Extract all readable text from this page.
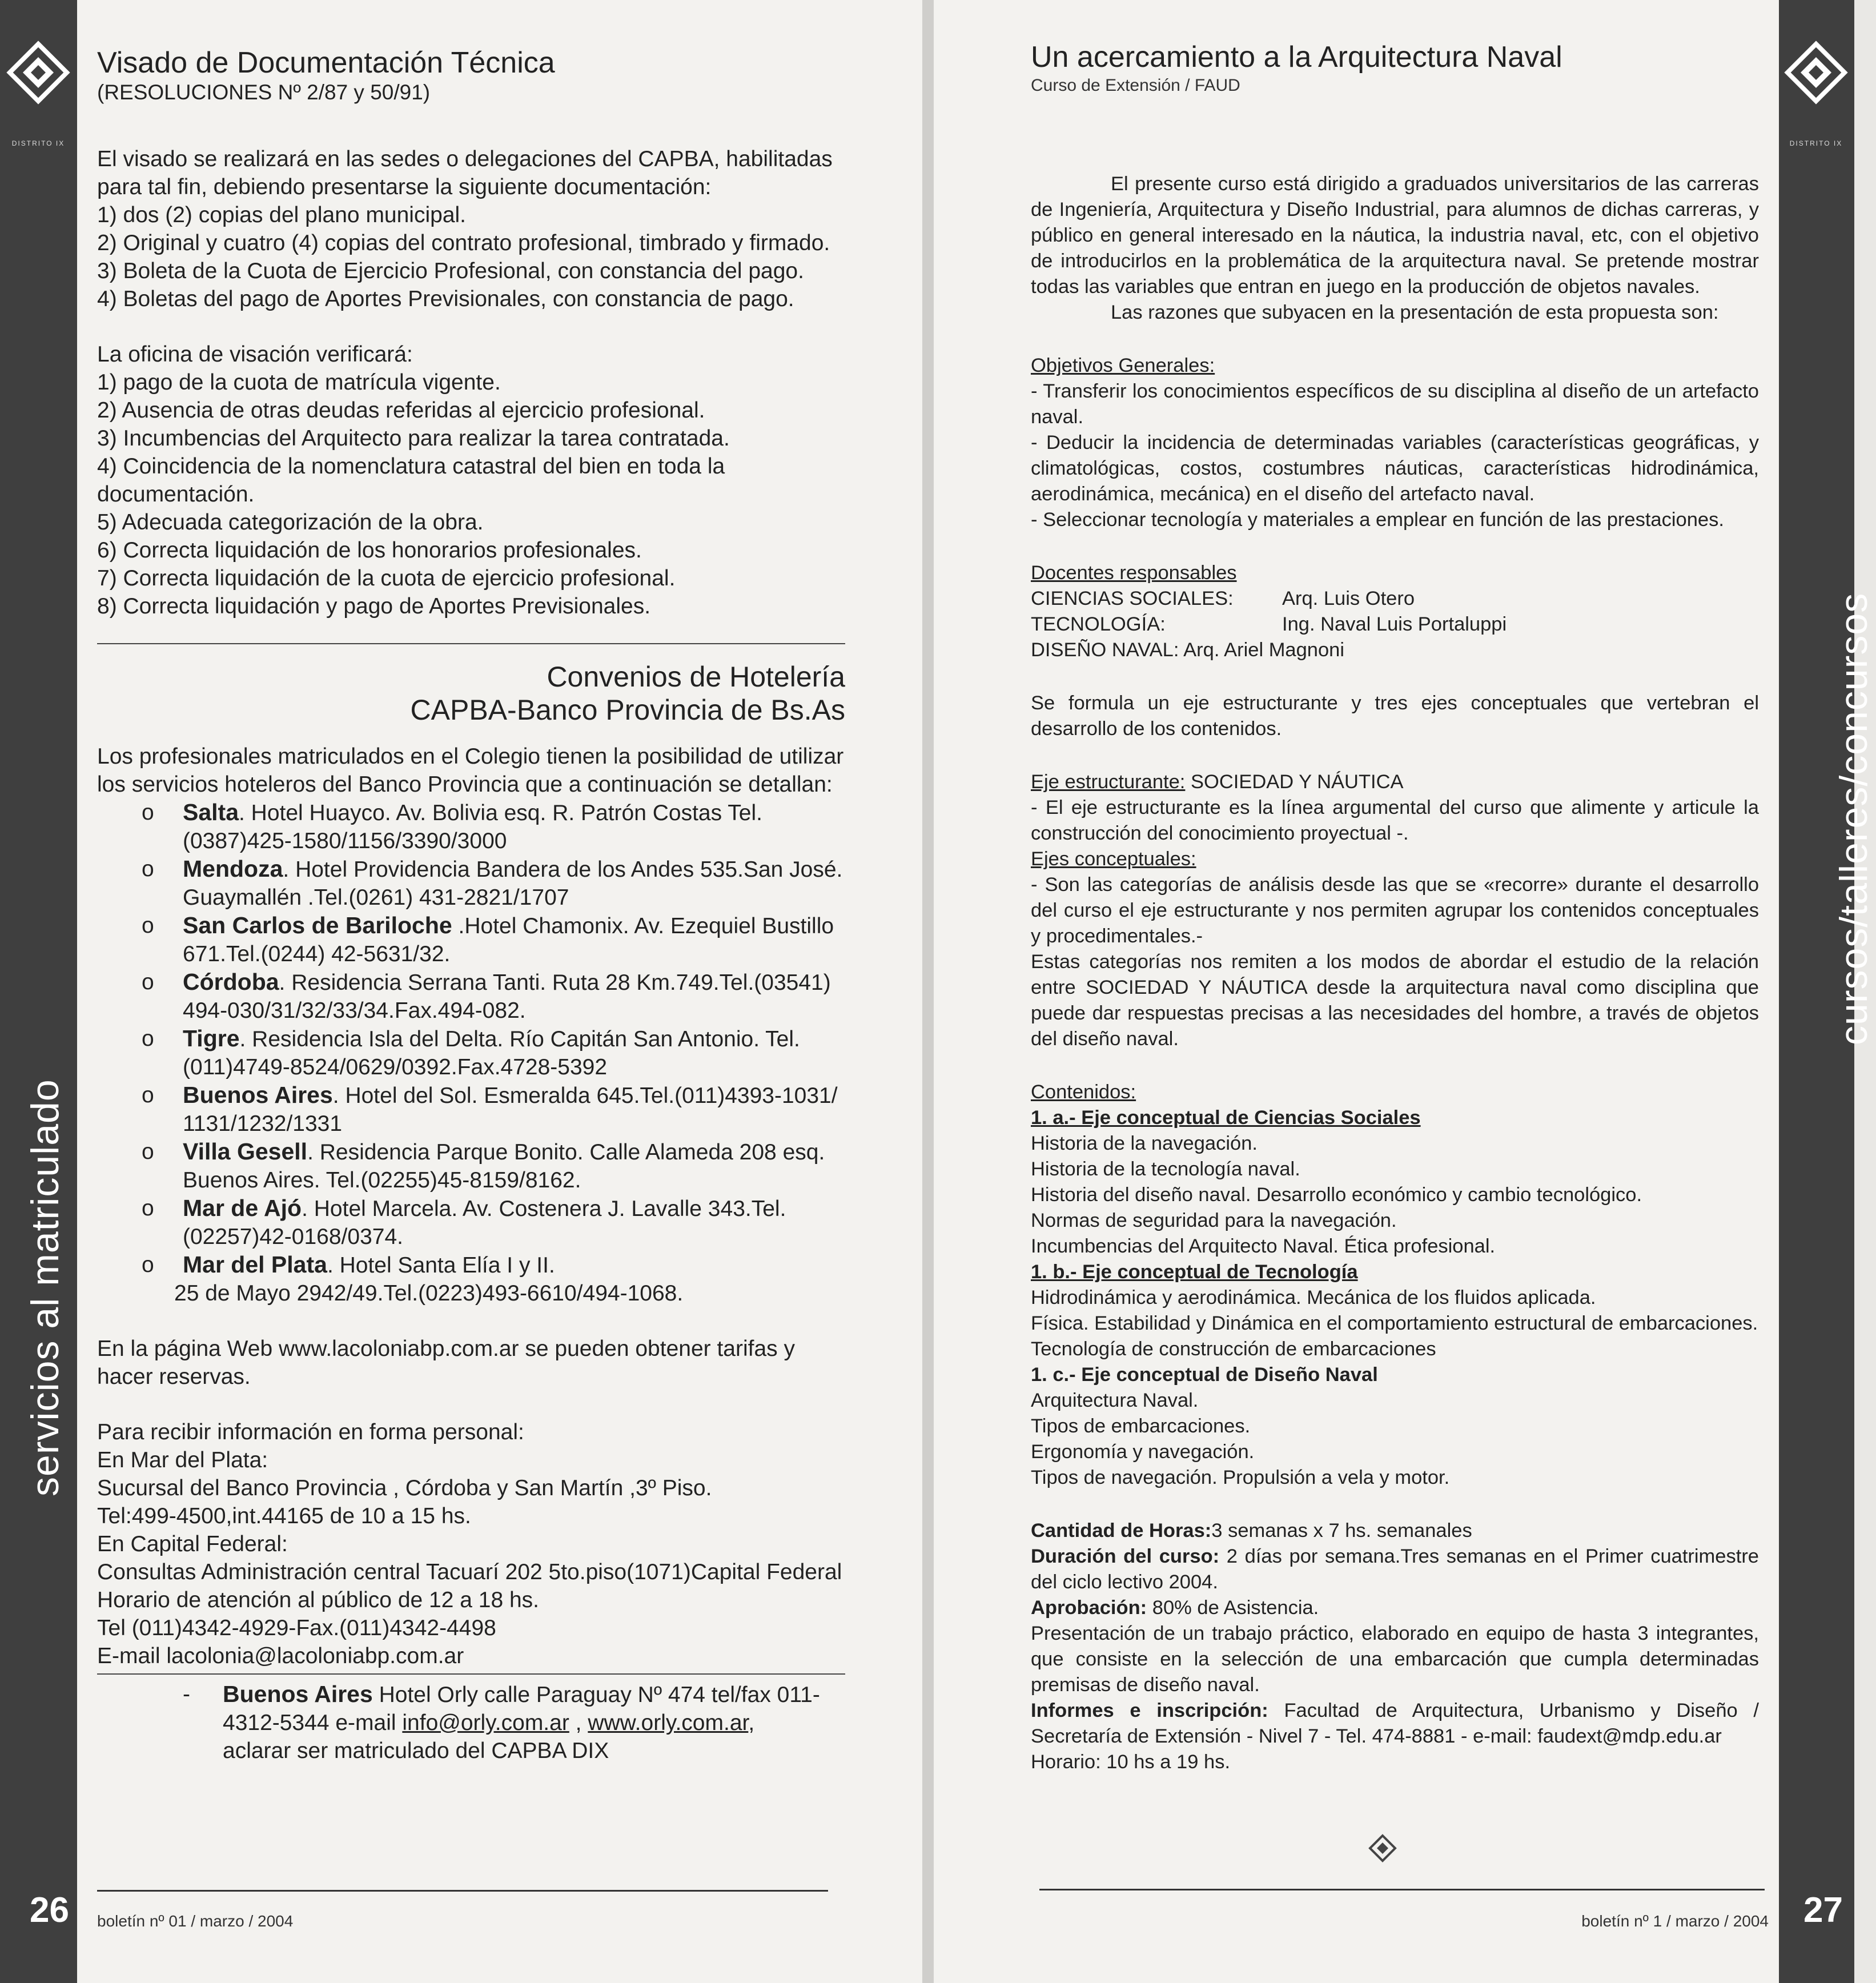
DISTRITO IX
servicios al matriculado
26
Visado de Documentación Técnica
(RESOLUCIONES Nº 2/87 y 50/91)

El visado se realizará en las sedes o delegaciones del CAPBA, habilitadas para tal fin, debiendo presentarse la siguiente documentación:

1) dos (2) copias del plano municipal.

2) Original y cuatro (4) copias del contrato profesional, timbrado y firmado.

3) Boleta de la Cuota de Ejercicio Profesional, con constancia del pago.

4) Boletas del pago de Aportes Previsionales, con constancia de pago.

La oficina de visación verificará:

1) pago de la cuota de matrícula vigente.

2) Ausencia de otras deudas referidas al ejercicio profesional.

3) Incumbencias del Arquitecto para realizar la tarea contratada.

4) Coincidencia de la nomenclatura catastral del bien en toda la documentación.

5) Adecuada categorización de la obra.

6) Correcta liquidación de los honorarios profesionales.

7) Correcta liquidación de la cuota de ejercicio profesional.

8) Correcta liquidación y pago de Aportes Previsionales.

Convenios de Hotelería
CAPBA-Banco Provincia de Bs.As

Los profesionales matriculados en el Colegio tienen la posibilidad de utilizar los servicios hoteleros del Banco Provincia que a continuación se detallan:

o Salta. Hotel Huayco. Av. Bolivia esq. R. Patrón Costas Tel.(0387)425-1580/1156/3390/3000
o Mendoza. Hotel Providencia Bandera de los Andes 535.San José. Guaymallén .Tel.(0261) 431-2821/1707
o San Carlos de Bariloche .Hotel Chamonix. Av. Ezequiel Bustillo 671.Tel.(0244) 42-5631/32.
o Córdoba. Residencia Serrana Tanti. Ruta 28 Km.749.Tel.(03541) 494-030/31/32/33/34.Fax.494-082.
o Tigre. Residencia Isla del Delta. Río Capitán San Antonio. Tel.(011)4749-8524/0629/0392.Fax.4728-5392
o Buenos Aires. Hotel del Sol. Esmeralda 645.Tel.(011)4393-1031/ 1131/1232/1331
o Villa Gesell. Residencia Parque Bonito. Calle Alameda 208 esq. Buenos Aires. Tel.(02255)45-8159/8162.
o Mar de Ajó. Hotel Marcela. Av. Costenera J. Lavalle 343.Tel.(02257)42-0168/0374.
o Mar del Plata. Hotel Santa Elía I y II.

25 de Mayo 2942/49.Tel.(0223)493-6610/494-1068.

En la página Web www.lacoloniabp.com.ar se pueden obtener tarifas y hacer reservas.

Para recibir información en forma personal:

En Mar del Plata:

Sucursal del Banco Provincia , Córdoba y San Martín ,3º Piso.

Tel:499-4500,int.44165 de 10 a 15 hs.

En Capital Federal:

Consultas Administración central Tacuarí 202 5to.piso(1071)Capital Federal

Horario de atención al público de 12 a 18 hs.

Tel (011)4342-4929-Fax.(011)4342-4498

E-mail lacolonia@lacoloniabp.com.ar

- Buenos Aires Hotel Orly calle Paraguay Nº 474 tel/fax 011-4312-5344 e-mail info@orly.com.ar , www.orly.com.ar,
aclarar ser matriculado del CAPBA DIX

boletín nº 01 / marzo / 2004
DISTRITO IX
cursos/talleres/concursos
27
Un acercamiento a la Arquitectura Naval
Curso de Extensión / FAUD

El presente curso está dirigido a graduados universitarios de las carreras de Ingeniería, Arquitectura y Diseño Industrial, para alumnos de dichas carreras, y público en general interesado en la náutica, la industria naval, etc, con el objetivo de introducirlos en la problemática de la arquitectura naval. Se pretende mostrar todas las variables que entran en juego en la producción de objetos navales.

Las razones que subyacen en la presentación de esta propuesta son:

Objetivos Generales:

- Transferir los conocimientos específicos de su disciplina al diseño de un artefacto naval.

- Deducir la incidencia de determinadas variables (características geográficas, y climatológicas, costos, costumbres náuticas, características hidrodinámica, aerodinámica, mecánica) en el diseño del artefacto naval.

- Seleccionar tecnología y materiales a emplear en función de las prestaciones.

Docentes responsables

CIENCIAS SOCIALES:	Arq. Luis Otero
TECNOLOGÍA:	Ing. Naval Luis Portaluppi

DISEÑO NAVAL: Arq. Ariel Magnoni

Se formula un eje estructurante y tres ejes conceptuales que vertebran el desarrollo de los contenidos.

Eje estructurante: SOCIEDAD Y NÁUTICA

- El eje estructurante es la línea argumental del curso que alimente y articule la construcción del conocimiento proyectual -.

Ejes conceptuales:

- Son las categorías de análisis desde las que se «recorre» durante el desarrollo del curso el eje estructurante y nos permiten agrupar los contenidos conceptuales y procedimentales.-

Estas categorías nos remiten a los modos de abordar el estudio de la relación entre SOCIEDAD Y NÁUTICA desde la arquitectura naval como disciplina que puede dar respuestas precisas a las necesidades del hombre, a través de objetos del diseño naval.

Contenidos:

1. a.- Eje conceptual de Ciencias Sociales

Historia de la navegación.

Historia de la tecnología naval.

Historia del diseño naval. Desarrollo económico y cambio tecnológico.

Normas de seguridad para la navegación.

Incumbencias del Arquitecto Naval. Ética profesional.

1. b.- Eje conceptual de Tecnología

Hidrodinámica y aerodinámica. Mecánica de los fluidos aplicada.

Física. Estabilidad y Dinámica en el comportamiento estructural de embarcaciones.

Tecnología de construcción de embarcaciones

1. c.- Eje conceptual de Diseño Naval

Arquitectura Naval.

Tipos de embarcaciones.

Ergonomía y navegación.

Tipos de navegación. Propulsión a vela y motor.

Cantidad de Horas:3 semanas x 7 hs. semanales

Duración del curso: 2 días por semana.Tres semanas en el Primer cuatrimestre del ciclo lectivo 2004.

Aprobación: 80% de Asistencia.

Presentación de un trabajo práctico, elaborado en equipo de hasta 3 integrantes, que consiste en la selección de una embarcación que cumpla determinadas premisas de diseño naval.

Informes e inscripción: Facultad de Arquitectura, Urbanismo y Diseño / Secretaría de Extensión - Nivel 7 - Tel. 474-8881 - e-mail: faudext@mdp.edu.ar

Horario: 10 hs a 19 hs.

boletín nº 1 / marzo / 2004
